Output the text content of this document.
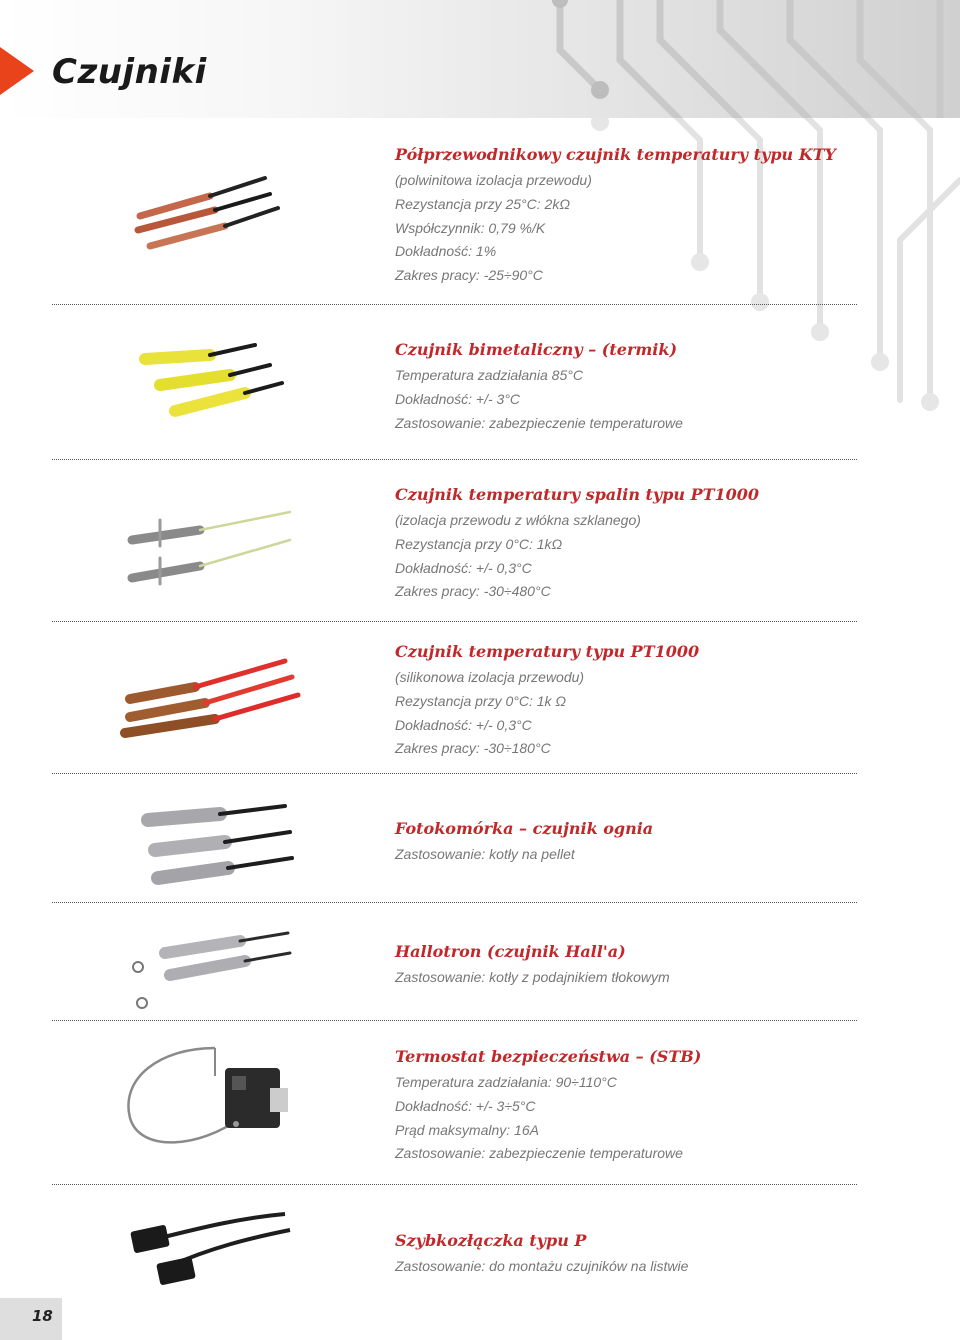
Czujniki
Półprzewodnikowy czujnik temperatury typu KTY
(polwinitowa izolacja przewodu)
Rezystancja przy 25°C: 2kΩ
Współczynnik: 0,79 %/K
Dokładność: 1%
Zakres pracy: -25÷90°C
Czujnik bimetaliczny – (termik)
Temperatura zadziałania 85°C
Dokładność: +/- 3°C
Zastosowanie: zabezpieczenie temperaturowe
Czujnik temperatury spalin typu PT1000
(izolacja przewodu z włókna szklanego)
Rezystancja przy 0°C: 1kΩ
Dokładność: +/- 0,3°C
Zakres pracy: -30÷480°C
Czujnik temperatury typu PT1000
(silikonowa izolacja przewodu)
Rezystancja przy 0°C: 1k Ω
Dokładność: +/- 0,3°C
Zakres pracy: -30÷180°C
Fotokomórka – czujnik ognia
Zastosowanie: kotły na pellet
Hallotron (czujnik Hall'a)
Zastosowanie: kotły z podajnikiem tłokowym
Termostat bezpieczeństwa – (STB)
Temperatura zadziałania: 90÷110°C
Dokładność: +/- 3÷5°C
Prąd maksymalny: 16A
Zastosowanie: zabezpieczenie temperaturowe
Szybkozłączka typu P
Zastosowanie: do montażu czujników na listwie
18
